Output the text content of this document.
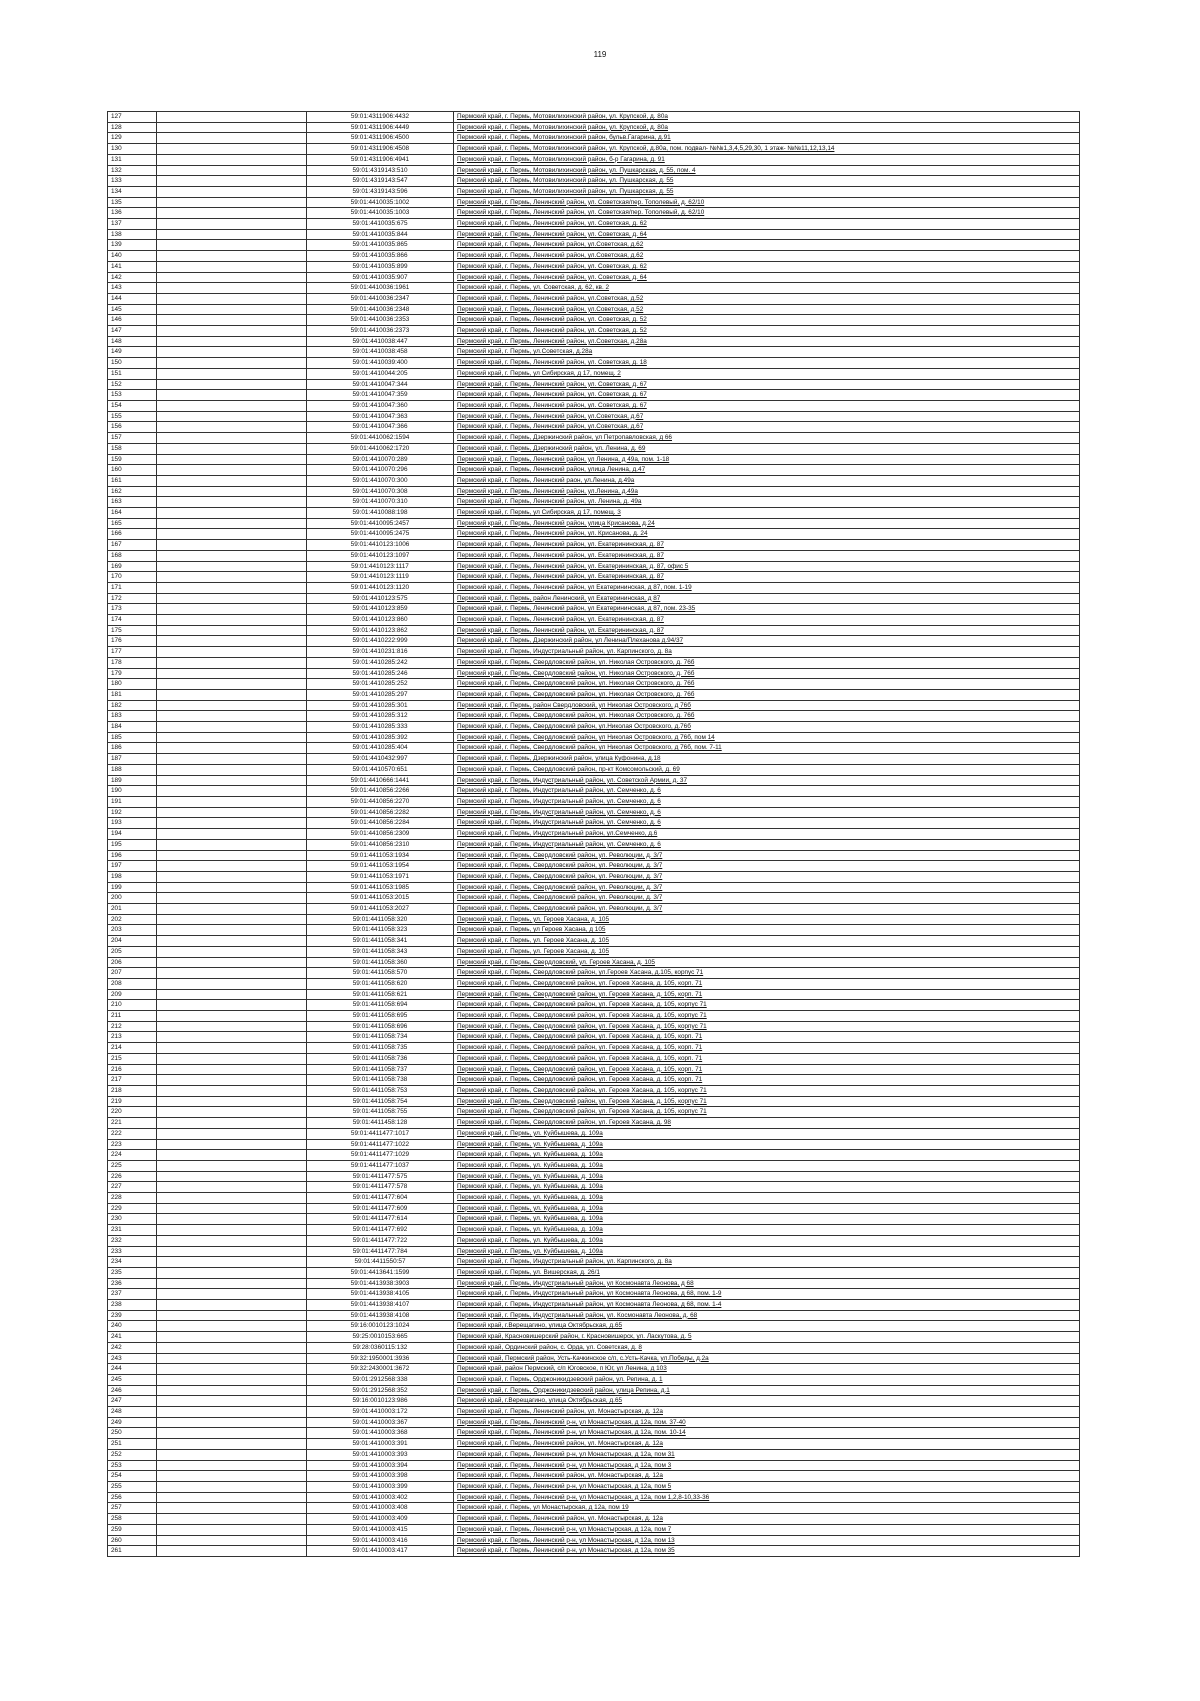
119
127		59:01:4311906:4432	Пермский край, г. Пермь, Мотовилихинский район, ул. Крупской, д. 80а
128		59:01:4311906:4449	Пермский край, г. Пермь, Мотовилихинский район, ул. Крупской, д. 80а
129		59:01:4311906:4500	Пермский край, г. Пермь, Мотовилихинский район, бульв.Гагарина, д.91
130		59:01:4311906:4508	Пермский край, г. Пермь, Мотовилихинский район, ул. Крупской, д.80а, пом. подвал- №№1,3,4,5,29,30, 1 этаж- №№11,12,13,14
131		59:01:4311906:4941	Пермский край, г. Пермь, Мотовилихинский район, б-р Гагарина, д. 91
132		59:01:4319143:510	Пермский край, г. Пермь, Мотовилихинский район, ул. Пушкарская, д. 55, пом. 4
133		59:01:4319143:547	Пермский край, г. Пермь, Мотовилихинский район, ул. Пушкарская, д. 55
134		59:01:4319143:596	Пермский край, г. Пермь, Мотовилихинский район, ул. Пушкарская, д. 55
135		59:01:4410035:1002	Пермский край, г. Пермь, Ленинский район, ул. Советская/пер. Тополевый, д. 62/10
136		59:01:4410035:1003	Пермский край, г. Пермь, Ленинский район, ул. Советская/пер. Тополевый, д. 62/10
137		59:01:4410035:675	Пермский край, г. Пермь, Ленинский район, ул. Советская, д. 62
138		59:01:4410035:844	Пермский край, г. Пермь, Ленинский район, ул. Советская, д. 64
139		59:01:4410035:865	Пермский край, г. Пермь, Ленинский район, ул.Советская, д.62
140		59:01:4410035:866	Пермский край, г. Пермь, Ленинский район, ул.Советская, д.62
141		59:01:4410035:899	Пермский край, г. Пермь, Ленинский район, ул. Советская, д. 62
142		59:01:4410035:907	Пермский край, г. Пермь, Ленинский район, ул. Советская, д. 64
143		59:01:4410036:1961	Пермский край, г. Пермь, ул. Советская, д. 62, кв. 2
144		59:01:4410036:2347	Пермский край, г. Пермь, Ленинский район, ул.Советская, д.52
145		59:01:4410036:2348	Пермский край, г. Пермь, Ленинский район, ул.Советская, д.52
146		59:01:4410036:2353	Пермский край, г. Пермь, Ленинский район, ул. Советская, д. 52
147		59:01:4410036:2373	Пермский край, г. Пермь, Ленинский район, ул. Советская, д. 52
148		59:01:4410038:447	Пермский край, г. Пермь, Ленинский район, ул.Советская, д.28а
149		59:01:4410038:458	Пермский край, г. Пермь, ул.Советская, д.28а
150		59:01:4410039:400	Пермский край, г. Пермь, Ленинский район, ул. Советская, д. 18
151		59:01:4410044:205	Пермский край, г. Пермь, ул Сибирская, д 17, помещ. 2
152		59:01:4410047:344	Пермский край, г. Пермь, Ленинский район, ул. Советская, д. 67
153		59:01:4410047:359	Пермский край, г. Пермь, Ленинский район, ул. Советская, д. 67
154		59:01:4410047:360	Пермский край, г. Пермь, Ленинский район, ул. Советская, д. 67
155		59:01:4410047:363	Пермский край, г. Пермь, Ленинский район, ул.Советская, д.67
156		59:01:4410047:366	Пермский край, г. Пермь, Ленинский район, ул.Советская, д.67
157		59:01:4410062:1594	Пермский край, г. Пермь, Дзержинский район, ул Петропавловская, д 66
158		59:01:4410062:1720	Пермский край, г. Пермь, Дзержинский район, ул. Ленина, д. 69
159		59:01:4410070:289	Пермский край, г. Пермь, Ленинский район, ул Ленина, д 49а, пом. 1-18
160		59:01:4410070:296	Пермский край, г. Пермь, Ленинский район, улица Ленина, д.47
161		59:01:4410070:300	Пермский край, г. Пермь, Ленинский раон, ул.Ленина, д.49а
162		59:01:4410070:308	Пермский край, г. Пермь, Ленинский район, ул.Ленина, д.49а
163		59:01:4410070:310	Пермский край, г. Пермь, Ленинский район, ул. Ленина, д. 49а
164		59:01:4410088:198	Пермский край, г. Пермь, ул Сибирская, д 17, помещ. 3
165		59:01:4410095:2457	Пермский край, г. Пермь, Ленинский район, улица Крисанова, д.24
166		59:01:4410095:2475	Пермский край, г. Пермь, Ленинский район, ул. Крисанова, д. 24
167		59:01:4410123:1006	Пермский край, г. Пермь, Ленинский район, ул. Екатерининская, д. 87
168		59:01:4410123:1097	Пермский край, г. Пермь, Ленинский район, ул. Екатерининская, д. 87
169		59:01:4410123:1117	Пермский край, г. Пермь, Ленинский район, ул. Екатерининская, д. 87, офис 5
170		59:01:4410123:1119	Пермский край, г. Пермь, Ленинский район, ул. Екатерининская, д. 87
171		59:01:4410123:1120	Пермский край, г. Пермь, Ленинский район, ул Екатерининская, д 87, пом. 1-19
172		59:01:4410123:575	Пермский край, г. Пермь, район Ленинский, ул Екатерининская, д 87
173		59:01:4410123:859	Пермский край, г. Пермь, Ленинский район, ул Екатерининская, д 87, пом. 23-35
174		59:01:4410123:860	Пермский край, г. Пермь, Ленинский район, ул. Екатерининская, д. 87
175		59:01:4410123:862	Пермский край, г. Пермь, Ленинский район, ул. Екатерининская, д. 87
176		59:01:4410222:999	Пермский край, г. Пермь, Дзержинский район, ул Ленина/Плеханова д.94/37
177		59:01:4410231:816	Пермский край, г. Пермь, Индустриальный район, ул. Карпинского, д. 8а
178		59:01:4410285:242	Пермский край, г. Пермь, Свердловский район, ул. Николая Островского, д. 76б
179		59:01:4410285:246	Пермский край, г. Пермь, Свердловский район, ул. Николая Островского, д. 76б
180		59:01:4410285:252	Пермский край, г. Пермь, Свердловский район, ул. Николая Островского, д. 76б
181		59:01:4410285:297	Пермский край, г. Пермь, Свердловский район, ул. Николая Островского, д. 76б
182		59:01:4410285:301	Пермский край, г. Пермь, район Свердловский, ул Николая Островского, д 76б
183		59:01:4410285:312	Пермский край, г. Пермь, Свердловский район, ул. Николая Островского, д. 76б
184		59:01:4410285:333	Пермский край, г. Пермь, Свердловский район, ул.Николая Островского, д.76б
185		59:01:4410285:392	Пермский край, г. Пермь, Свердловский район, ул Николая Островского, д 76б, пом 14
186		59:01:4410285:404	Пермский край, г. Пермь, Свердловский район, ул Николая Островского, д 76б, пом. 7-11
187		59:01:4410432:997	Пермский край, г. Пермь, Дзержинский район, улица Куфонина, д.18
188		59:01:4410570:651	Пермский край, г. Пермь, Свердловский район, пр-кт Комсомольский, д. 69
189		59:01:4410666:1441	Пермский край, г. Пермь, Индустриальный район, ул. Советской Армии, д. 37
190		59:01:4410856:2266	Пермский край, г. Пермь, Индустриальный район, ул. Семченко, д. 6
191		59:01:4410856:2270	Пермский край, г. Пермь, Индустриальный район, ул. Семченко, д. 6
192		59:01:4410856:2282	Пермский край, г. Пермь, Индустриальный район, ул. Семченко, д. 6
193		59:01:4410856:2284	Пермский край, г. Пермь, Индустриальный район, ул. Семченко, д. 6
194		59:01:4410856:2309	Пермский край, г. Пермь, Индустриальный район, ул.Семченко, д.6
195		59:01:4410856:2310	Пермский край, г. Пермь, Индустриальный район, ул. Семченко, д. 6
196		59:01:4411053:1934	Пермский край, г. Пермь, Свердловский район, ул. Революции, д. 3/7
197		59:01:4411053:1954	Пермский край, г. Пермь, Свердловский район, ул. Революции, д. 3/7
198		59:01:4411053:1971	Пермский край, г. Пермь, Свердловский район, ул. Революции, д. 3/7
199		59:01:4411053:1985	Пермский край, г. Пермь, Свердловский район, ул. Революции, д. 3/7
200		59:01:4411053:2015	Пермский край, г. Пермь, Свердловский район, ул. Революции, д. 3/7
201		59:01:4411053:2027	Пермский край, г. Пермь, Свердловский район, ул. Революции, д. 3/7
202		59:01:4411058:320	Пермский край, г. Пермь, ул. Героев Хасана, д. 105
203		59:01:4411058:323	Пермский край, г. Пермь, ул Героев Хасана, д 105
204		59:01:4411058:341	Пермский край, г. Пермь, ул. Героев Хасана, д. 105
205		59:01:4411058:343	Пермский край, г. Пермь, ул. Героев Хасана, д. 105
206		59:01:4411058:360	Пермский край, г. Пермь, Свердловский, ул. Героев Хасана, д. 105
207		59:01:4411058:570	Пермский край, г. Пермь, Свердловский район, ул.Героев Хасана, д.105, корпус 71
208		59:01:4411058:620	Пермский край, г. Пермь, Свердловский район, ул. Героев Хасана, д. 105, корп. 71
209		59:01:4411058:621	Пермский край, г. Пермь, Свердловский район, ул. Героев Хасана, д. 105, корп. 71
210		59:01:4411058:694	Пермский край, г. Пермь, Свердловский район, ул. Героев Хасана, д. 105, корпус 71
211		59:01:4411058:695	Пермский край, г. Пермь, Свердловский район, ул. Героев Хасана, д. 105, корпус 71
212		59:01:4411058:696	Пермский край, г. Пермь, Свердловский район, ул. Героев Хасана, д. 105, корпус 71
213		59:01:4411058:734	Пермский край, г. Пермь, Свердловский район, ул. Героев Хасана, д. 105, корп. 71
214		59:01:4411058:735	Пермский край, г. Пермь, Свердловский район, ул. Героев Хасана, д. 105, корп. 71
215		59:01:4411058:736	Пермский край, г. Пермь, Свердловский район, ул. Героев Хасана, д. 105, корп. 71
216		59:01:4411058:737	Пермский край, г. Пермь, Свердловский район, ул. Героев Хасана, д. 105, корп. 71
217		59:01:4411058:738	Пермский край, г. Пермь, Свердловский район, ул. Героев Хасана, д. 105, корп. 71
218		59:01:4411058:753	Пермский край, г. Пермь, Свердловский район, ул. Героев Хасана, д. 105, корпус 71
219		59:01:4411058:754	Пермский край, г. Пермь, Свердловский район, ул. Героев Хасана, д. 105, корпус 71
220		59:01:4411058:755	Пермский край, г. Пермь, Свердловский район, ул. Героев Хасана, д. 105, корпус 71
221		59:01:4411458:128	Пермский край, г. Пермь, Свердловский район, ул. Героев Хасана, д. 98
222		59:01:4411477:1017	Пермский край, г. Пермь, ул. Куйбышева, д. 109а
223		59:01:4411477:1022	Пермский край, г. Пермь, ул. Куйбышева, д. 109а
224		59:01:4411477:1029	Пермский край, г. Пермь, ул. Куйбышева, д. 109а
225		59:01:4411477:1037	Пермский край, г. Пермь, ул. Куйбышева, д. 109а
226		59:01:4411477:575	Пермский край, г. Пермь, ул. Куйбышева, д. 109а
227		59:01:4411477:578	Пермский край, г. Пермь, ул. Куйбышева, д. 109а
228		59:01:4411477:604	Пермский край, г. Пермь, ул. Куйбышева, д. 109а
229		59:01:4411477:609	Пермский край, г. Пермь, ул. Куйбышева, д. 109а
230		59:01:4411477:614	Пермский край, г. Пермь, ул. Куйбышева, д. 109а
231		59:01:4411477:692	Пермский край, г. Пермь, ул. Куйбышева, д. 109а
232		59:01:4411477:722	Пермский край, г. Пермь, ул. Куйбышева, д. 109а
233		59:01:4411477:784	Пермский край, г. Пермь, ул. Куйбышева, д. 109а
234		59:01:4411550:57	Пермский край, г. Пермь, Индустриальный район, ул. Карпинского, д. 8а
235		59:01:4413641:1599	Пермский край, г. Пермь, ул. Вишерская, д. 26/1
236		59:01:4413938:3903	Пермский край, г. Пермь, Индустриальный район, ул Космонавта Леонова, д 68
237		59:01:4413938:4105	Пермский край, г. Пермь, Индустриальный район, ул Космонавта Леонова, д 68, пом. 1-9
238		59:01:4413938:4107	Пермский край, г. Пермь, Индустриальный район, ул Космонавта Леонова, д 68, пом. 1-4
239		59:01:4413938:4108	Пермский край, г. Пермь, Индустриальный район, ул. Космонавта Леонова, д. 68
240		59:16:0010123:1024	Пермский край, г.Верещагино, улица Октябрьская, д.65
241		59:25:0010153:665	Пермский край, Красновишерский район, г. Красновишерск, ул. Ласкутова, д. 5
242		59:28:0360115:132	Пермский край, Ординский район, с. Орда, ул. Советская, д. 8
243		59:32:1950001:3936	Пермский край, Пермский район, Усть-Качкинское с/п, с.Усть-Качка, ул.Победы, д.2а
244		59:32:2430001:3672	Пермский край, район Пермский, с/п Юговское, п Юг, ул Ленина, д 103
245		59:01:2912568:338	Пермский край, г. Пермь, Орджоникидзевский район, ул. Репина, д. 1
246		59:01:2912568:352	Пермский край, г. Пермь, Орджоникидзевский район, улица Репина, д.1
247		59:16:0010123:986	Пермский край, г.Верещагино, улица Октябрьская, д.65
248		59:01:4410003:172	Пермский край, г. Пермь, Ленинский район, ул. Монастырская, д. 12а
249		59:01:4410003:367	Пермский край, г. Пермь, Ленинский р-н, ул Монастырская, д 12а, пом. 37-40
250		59:01:4410003:368	Пермский край, г. Пермь, Ленинский р-н, ул Монастырская, д 12а, пом. 10-14
251		59:01:4410003:391	Пермский край, г. Пермь, Ленинский район, ул. Монастырская, д. 12а
252		59:01:4410003:393	Пермский край, г. Пермь, Ленинский р-н, ул Монастырская, д 12а, пом 31
253		59:01:4410003:394	Пермский край, г. Пермь, Ленинский р-н, ул Монастырская, д 12а, пом 3
254		59:01:4410003:398	Пермский край, г. Пермь, Ленинский район, ул. Монастырская, д. 12а
255		59:01:4410003:399	Пермский край, г. Пермь, Ленинский р-н, ул Монастырская, д 12а, пом 5
256		59:01:4410003:402	Пермский край, г. Пермь, Ленинский р-н, ул Монастырская, д 12а, пом 1,2,8-10,33-36
257		59:01:4410003:408	Пермский край, г. Пермь, ул Монастырская, д 12а, пом 19
258		59:01:4410003:409	Пермский край, г. Пермь, Ленинский район, ул. Монастырская, д. 12а
259		59:01:4410003:415	Пермский край, г. Пермь, Ленинский р-н, ул Монастырская, д 12а, пом 7
260		59:01:4410003:416	Пермский край, г. Пермь, Ленинский р-н, ул Монастырская, д 12а, пом 13
261		59:01:4410003:417	Пермский край, г. Пермь, Ленинский р-н, ул Монастырская, д 12а, пом 35
